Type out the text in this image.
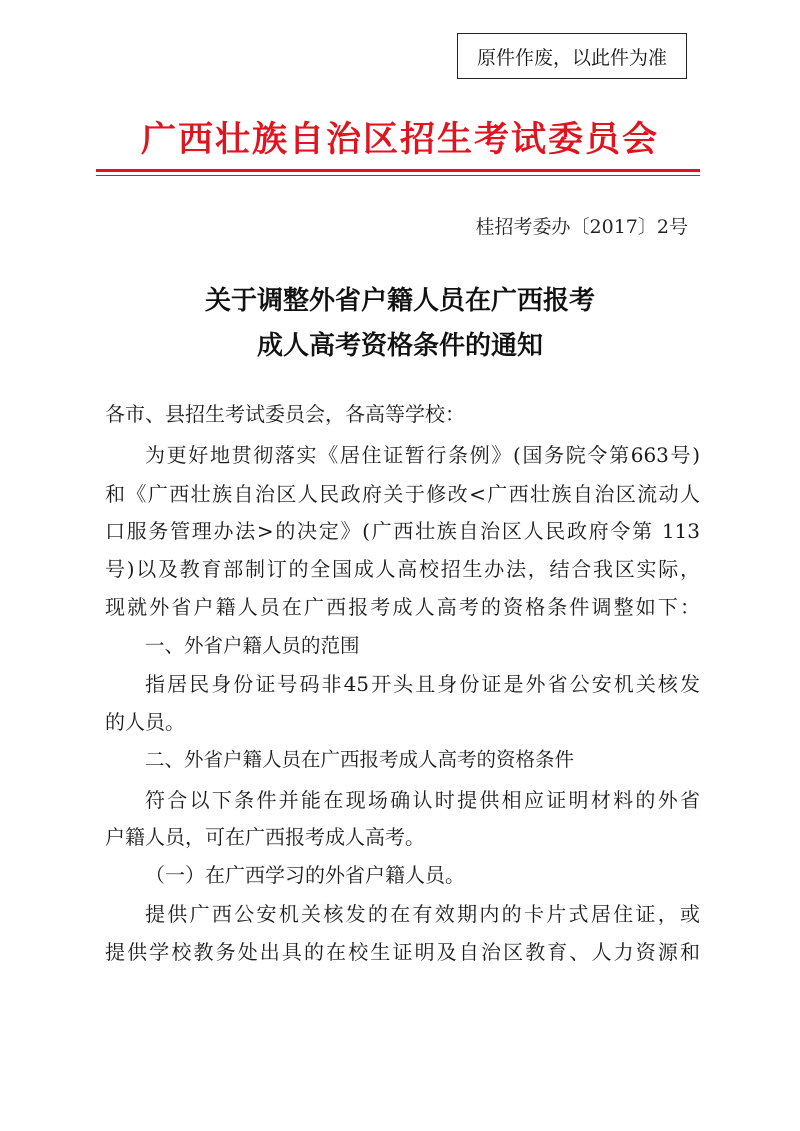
原件作废，以此件为准
广西壮族自治区招生考试委员会
桂招考委办〔2017〕2号
关于调整外省户籍人员在广西报考
成人高考资格条件的通知
各市、县招生考试委员会，各高等学校：
为更好地贯彻落实《居住证暂行条例》(国务院令第663号)
和《广西壮族自治区人民政府关于修改<广西壮族自治区流动人
口服务管理办法>的决定》(广西壮族自治区人民政府令第 113
号)以及教育部制订的全国成人高校招生办法，结合我区实际，
现就外省户籍人员在广西报考成人高考的资格条件调整如下：
一、外省户籍人员的范围
指居民身份证号码非45开头且身份证是外省公安机关核发
的人员。
二、外省户籍人员在广西报考成人高考的资格条件
符合以下条件并能在现场确认时提供相应证明材料的外省
户籍人员，可在广西报考成人高考。
（一）在广西学习的外省户籍人员。
提供广西公安机关核发的在有效期内的卡片式居住证，或
提供学校教务处出具的在校生证明及自治区教育、人力资源和
